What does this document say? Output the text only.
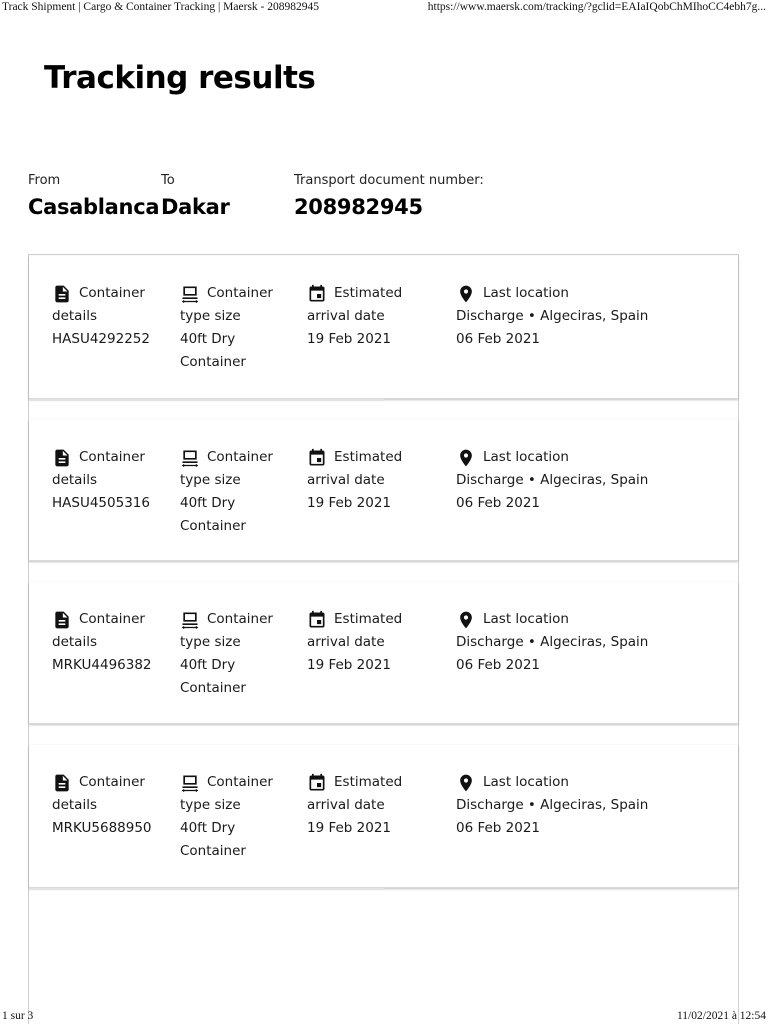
Track Shipment | Cargo & Container Tracking | Maersk - 208982945	https://www.maersk.com/tracking/?gclid=EAIaIQobChMIhoCC4ebh7g...
Tracking results
From
Casablanca
To
Dakar
Transport document number:
208982945
Container
details
HASU4292252
Container
type size
40ft Dry
Container
Estimated
arrival date
19 Feb 2021
Last location
Discharge • Algeciras, Spain
06 Feb 2021
Container
details
HASU4505316
Container
type size
40ft Dry
Container
Estimated
arrival date
19 Feb 2021
Last location
Discharge • Algeciras, Spain
06 Feb 2021
Container
details
MRKU4496382
Container
type size
40ft Dry
Container
Estimated
arrival date
19 Feb 2021
Last location
Discharge • Algeciras, Spain
06 Feb 2021
Container
details
MRKU5688950
Container
type size
40ft Dry
Container
Estimated
arrival date
19 Feb 2021
Last location
Discharge • Algeciras, Spain
06 Feb 2021
1 sur 3	11/02/2021 à 12:54
